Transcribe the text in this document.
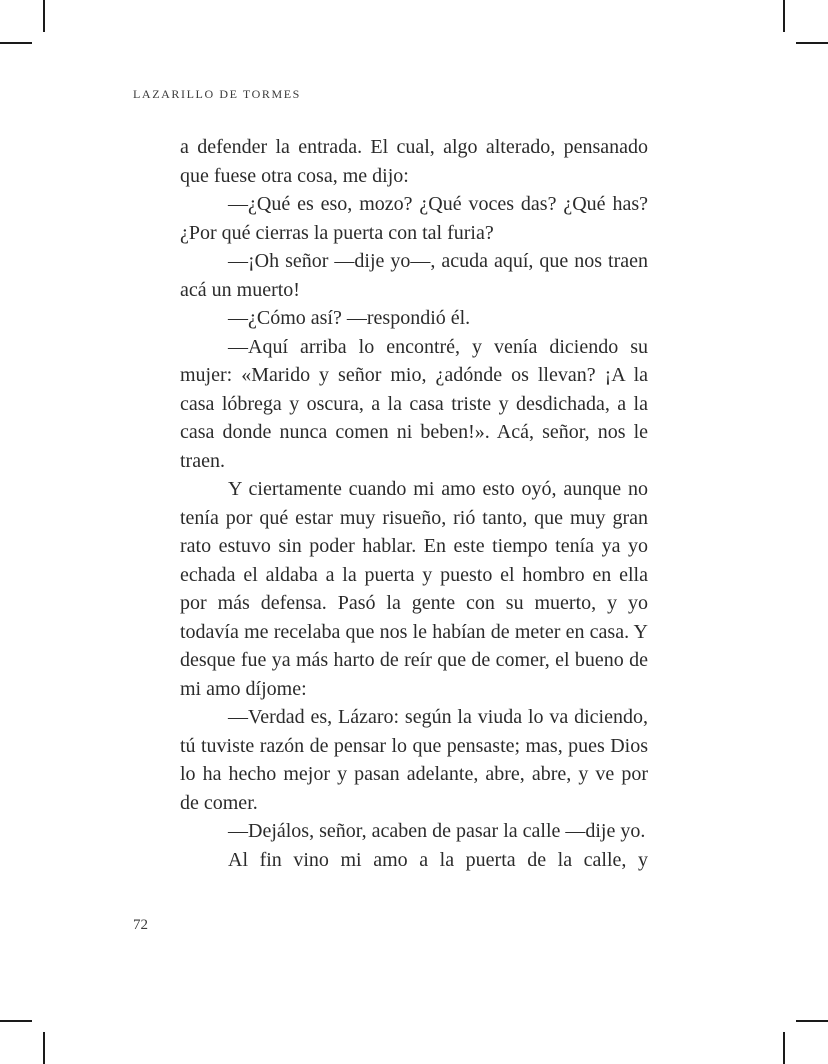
LAZARILLO DE TORMES

a defender la entrada. El cual, algo alterado, pensanado que fuese otra cosa, me dijo:

—¿Qué es eso, mozo? ¿Qué voces das? ¿Qué has? ¿Por qué cierras la puerta con tal furia?

—¡Oh señor —dije yo—, acuda aquí, que nos traen acá un muerto!

—¿Cómo así? —respondió él.

—Aquí arriba lo encontré, y venía diciendo su mujer: «Marido y señor mio, ¿adónde os llevan? ¡A la casa lóbrega y oscura, a la casa triste y desdichada, a la casa donde nunca comen ni beben!». Acá, señor, nos le traen.

Y ciertamente cuando mi amo esto oyó, aunque no tenía por qué estar muy risueño, rió tanto, que muy gran rato estuvo sin poder hablar. En este tiempo tenía ya yo echada el aldaba a la puerta y puesto el hombro en ella por más defensa. Pasó la gente con su muerto, y yo todavía me recelaba que nos le habían de meter en casa. Y desque fue ya más harto de reír que de comer, el bueno de mi amo díjome:

—Verdad es, Lázaro: según la viuda lo va diciendo, tú tuviste razón de pensar lo que pensaste; mas, pues Dios lo ha hecho mejor y pasan adelante, abre, abre, y ve por de comer.

—Dejálos, señor, acaben de pasar la calle —dije yo.

Al fin vino mi amo a la puerta de la calle, y

72
